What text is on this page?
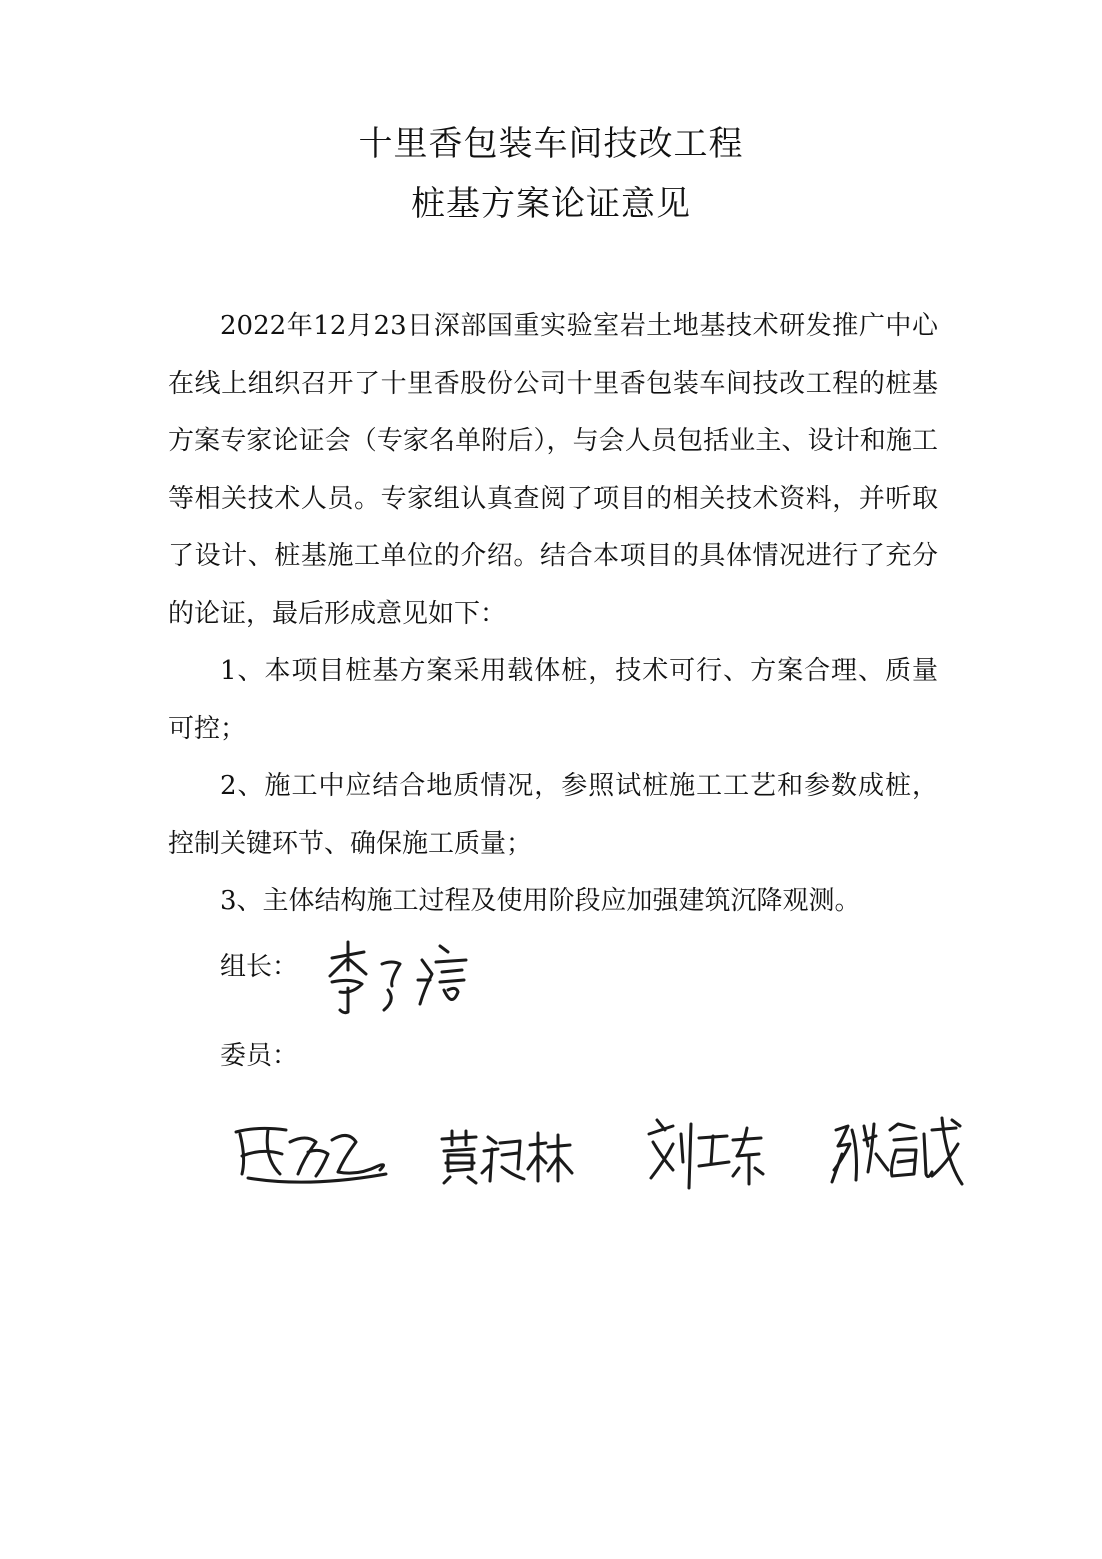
十里香包装车间技改工程
桩基方案论证意见

2022年12月23日深部国重实验室岩土地基技术研发推广中心在线上组织召开了十里香股份公司十里香包装车间技改工程的桩基方案专家论证会（专家名单附后），与会人员包括业主、设计和施工等相关技术人员。专家组认真查阅了项目的相关技术资料，并听取了设计、桩基施工单位的介绍。结合本项目的具体情况进行了充分的论证，最后形成意见如下：

1、本项目桩基方案采用载体桩，技术可行、方案合理、质量可控；

2、施工中应结合地质情况，参照试桩施工工艺和参数成桩，控制关键环节、确保施工质量；

3、主体结构施工过程及使用阶段应加强建筑沉降观测。

组长：
委员：
